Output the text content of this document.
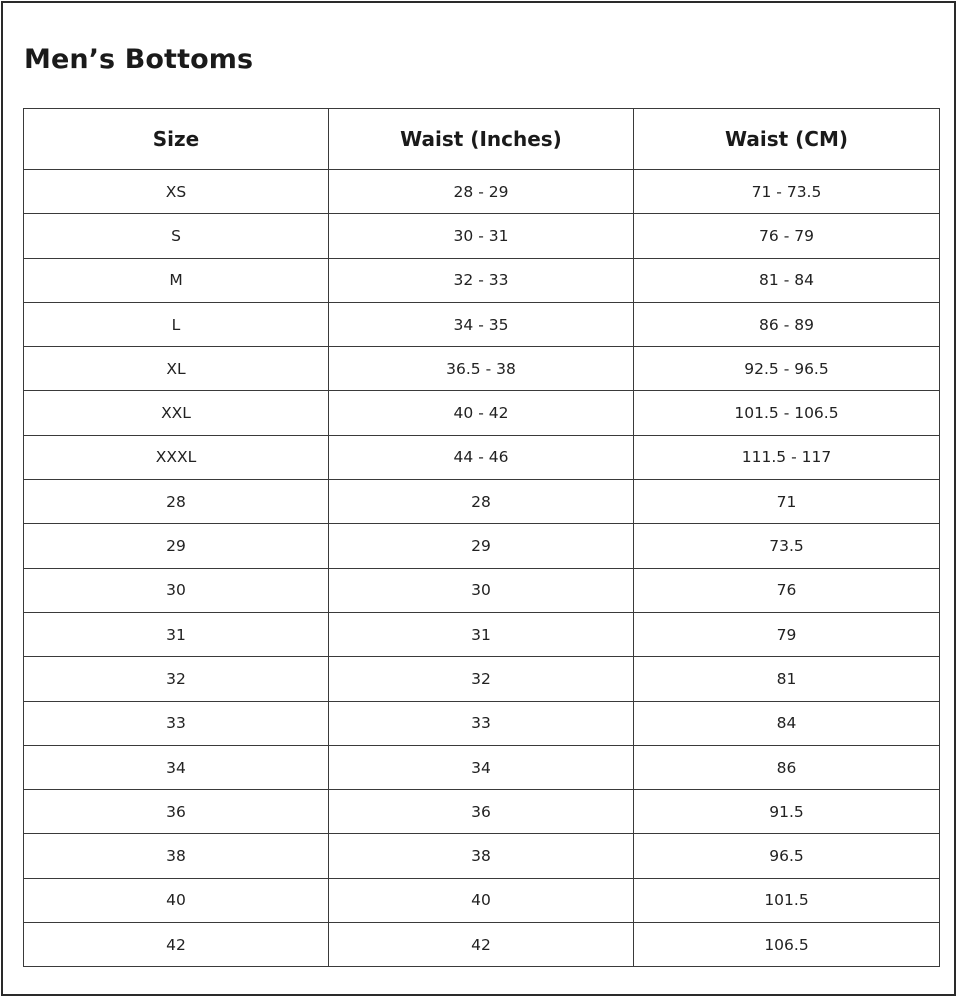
Men’s Bottoms
Size	Waist (Inches)	Waist (CM)
XS	28 - 29	71 - 73.5
S	30 - 31	76 - 79
M	32 - 33	81 - 84
L	34 - 35	86 - 89
XL	36.5 - 38	92.5 - 96.5
XXL	40 - 42	101.5 - 106.5
XXXL	44 - 46	111.5 - 117
28	28	71
29	29	73.5
30	30	76
31	31	79
32	32	81
33	33	84
34	34	86
36	36	91.5
38	38	96.5
40	40	101.5
42	42	106.5
